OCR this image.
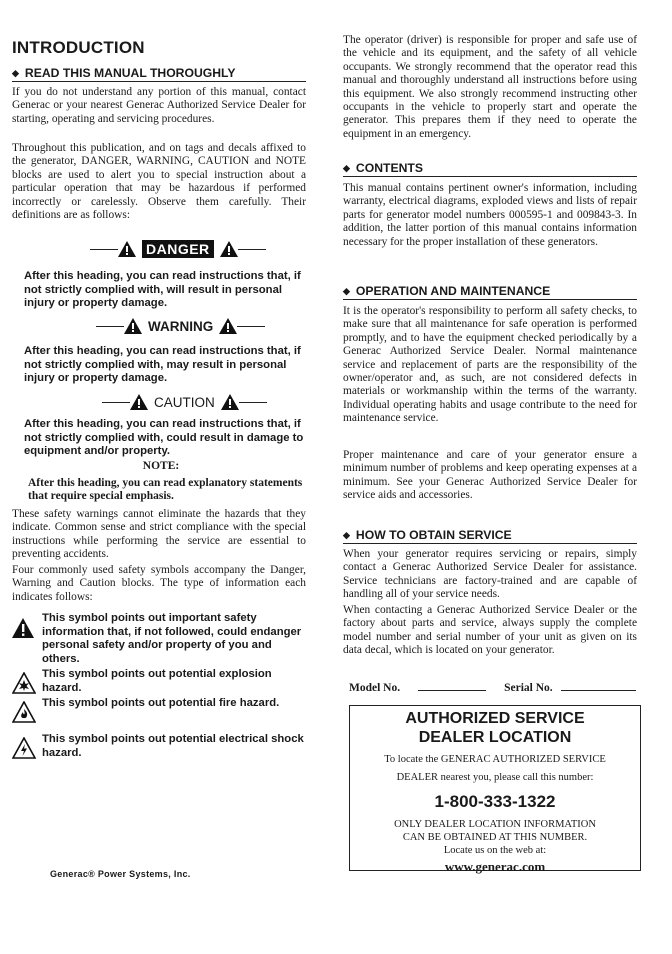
INTRODUCTION
◆ READ THIS MANUAL THOROUGHLY

If you do not understand any portion of this manual, contact Generac or your nearest Generac Authorized Service Dealer for starting, operating and servicing procedures.

Throughout this publication, and on tags and decals affixed to the generator, DANGER, WARNING, CAUTION and NOTE blocks are used to alert you to special instruction about a particular operation that may be hazardous if performed incorrectly or carelessly. Observe them carefully. Their definitions are as follows:

DANGER

After this heading, you can read instructions that, if not strictly complied with, will result in personal injury or property damage.

WARNING

After this heading, you can read instructions that, if not strictly complied with, may result in personal injury or property damage.

CAUTION

After this heading, you can read instructions that, if not strictly complied with, could result in damage to equipment and/or property.

NOTE:

After this heading, you can read explanatory statements that require special emphasis.

These safety warnings cannot eliminate the hazards that they indicate. Common sense and strict compliance with the special instructions while performing the service are essential to preventing accidents.

Four commonly used safety symbols accompany the Danger, Warning and Caution blocks. The type of information each indicates follows:

This symbol points out important safety information that, if not followed, could endanger personal safety and/or property of you and others.

This symbol points out potential explosion hazard.

This symbol points out potential fire hazard.

This symbol points out potential electrical shock hazard.

The operator (driver) is responsible for proper and safe use of the vehicle and its equipment, and the safety of all vehicle occupants. We strongly recommend that the operator read this manual and thoroughly understand all instructions before using this equipment. We also strongly recommend instructing other occupants in the vehicle to properly start and operate the generator. This prepares them if they need to operate the equipment in an emergency.

◆ CONTENTS

This manual contains pertinent owner's information, including warranty, electrical diagrams, exploded views and lists of repair parts for generator model numbers 000595-1 and 009843-3. In addition, the latter portion of this manual contains information necessary for the proper installation of these generators.

◆ OPERATION AND MAINTENANCE

It is the operator's responsibility to perform all safety checks, to make sure that all maintenance for safe operation is performed promptly, and to have the equipment checked periodically by a Generac Authorized Service Dealer. Normal maintenance service and replacement of parts are the responsibility of the owner/operator and, as such, are not considered defects in materials or workmanship within the terms of the warranty. Individual operating habits and usage contribute to the need for maintenance service.

Proper maintenance and care of your generator ensure a minimum number of problems and keep operating expenses at a minimum. See your Generac Authorized Service Dealer for service aids and accessories.

◆ HOW TO OBTAIN SERVICE

When your generator requires servicing or repairs, simply contact a Generac Authorized Service Dealer for assistance. Service technicians are factory-trained and are capable of handling all of your service needs.

When contacting a Generac Authorized Service Dealer or the factory about parts and service, always supply the complete model number and serial number of your unit as given on its data decal, which is located on your generator.

Model No.	Serial No.
AUTHORIZED SERVICE
DEALER LOCATION
To locate the GENERAC AUTHORIZED SERVICE
DEALER nearest you, please call this number:
1-800-333-1322
ONLY DEALER LOCATION INFORMATION
CAN BE OBTAINED AT THIS NUMBER.
Locate us on the web at:
www.generac.com
Generac® Power Systems, Inc.
